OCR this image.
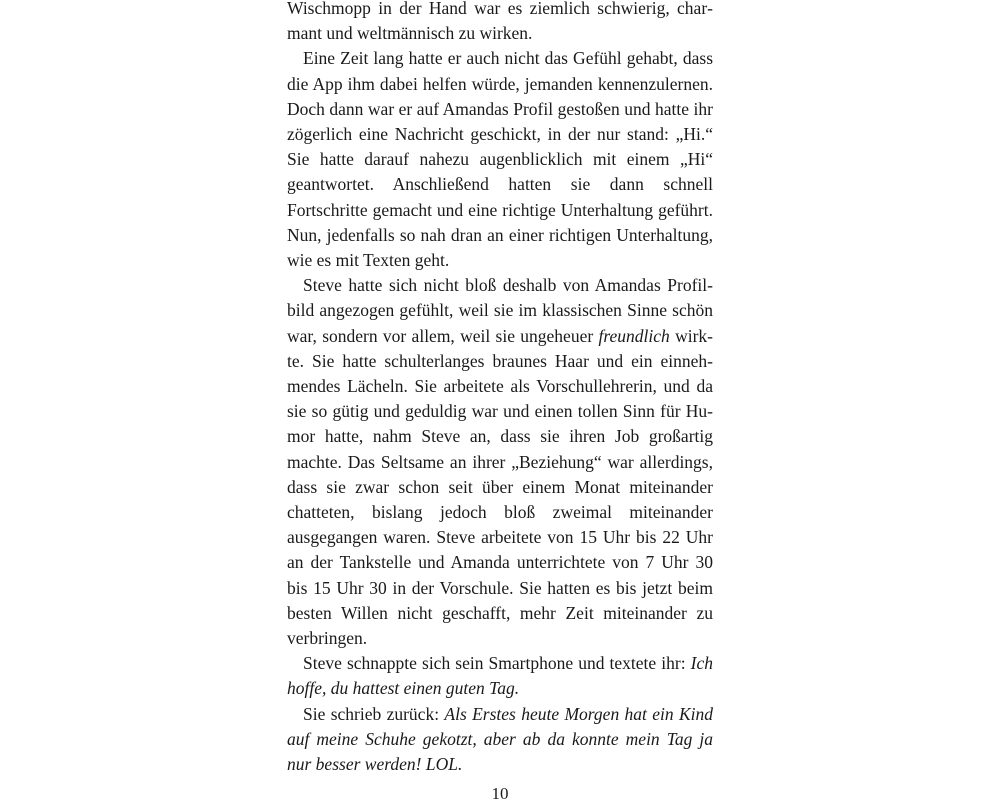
Wischmopp in der Hand war es ziemlich schwierig, charmant und weltmännisch zu wirken.

Eine Zeit lang hatte er auch nicht das Gefühl gehabt, dass die App ihm dabei helfen würde, jemanden kennenzulernen. Doch dann war er auf Amandas Profil gestoßen und hatte ihr zögerlich eine Nachricht geschickt, in der nur stand: „Hi.“ Sie hatte darauf nahezu augenblicklich mit einem „Hi“ geantwortet. Anschließend hatten sie dann schnell Fortschritte gemacht und eine richtige Unterhaltung geführt. Nun, jedenfalls so nah dran an einer richtigen Unterhaltung, wie es mit Texten geht.

Steve hatte sich nicht bloß deshalb von Amandas Profilbild angezogen gefühlt, weil sie im klassischen Sinne schön war, sondern vor allem, weil sie ungeheuer freundlich wirkte. Sie hatte schulterlanges braunes Haar und ein einnehmendes Lächeln. Sie arbeitete als Vorschullehrerin, und da sie so gütig und geduldig war und einen tollen Sinn für Humor hatte, nahm Steve an, dass sie ihren Job großartig machte. Das Seltsame an ihrer „Beziehung“ war allerdings, dass sie zwar schon seit über einem Monat miteinander chatteten, bislang jedoch bloß zweimal miteinander ausgegangen waren. Steve arbeitete von 15 Uhr bis 22 Uhr an der Tankstelle und Amanda unterrichtete von 7 Uhr 30 bis 15 Uhr 30 in der Vorschule. Sie hatten es bis jetzt beim besten Willen nicht geschafft, mehr Zeit miteinander zu verbringen.

Steve schnappte sich sein Smartphone und textete ihr: Ich hoffe, du hattest einen guten Tag.

Sie schrieb zurück: Als Erstes heute Morgen hat ein Kind auf meine Schuhe gekotzt, aber ab da konnte mein Tag ja nur besser werden! LOL.

10
